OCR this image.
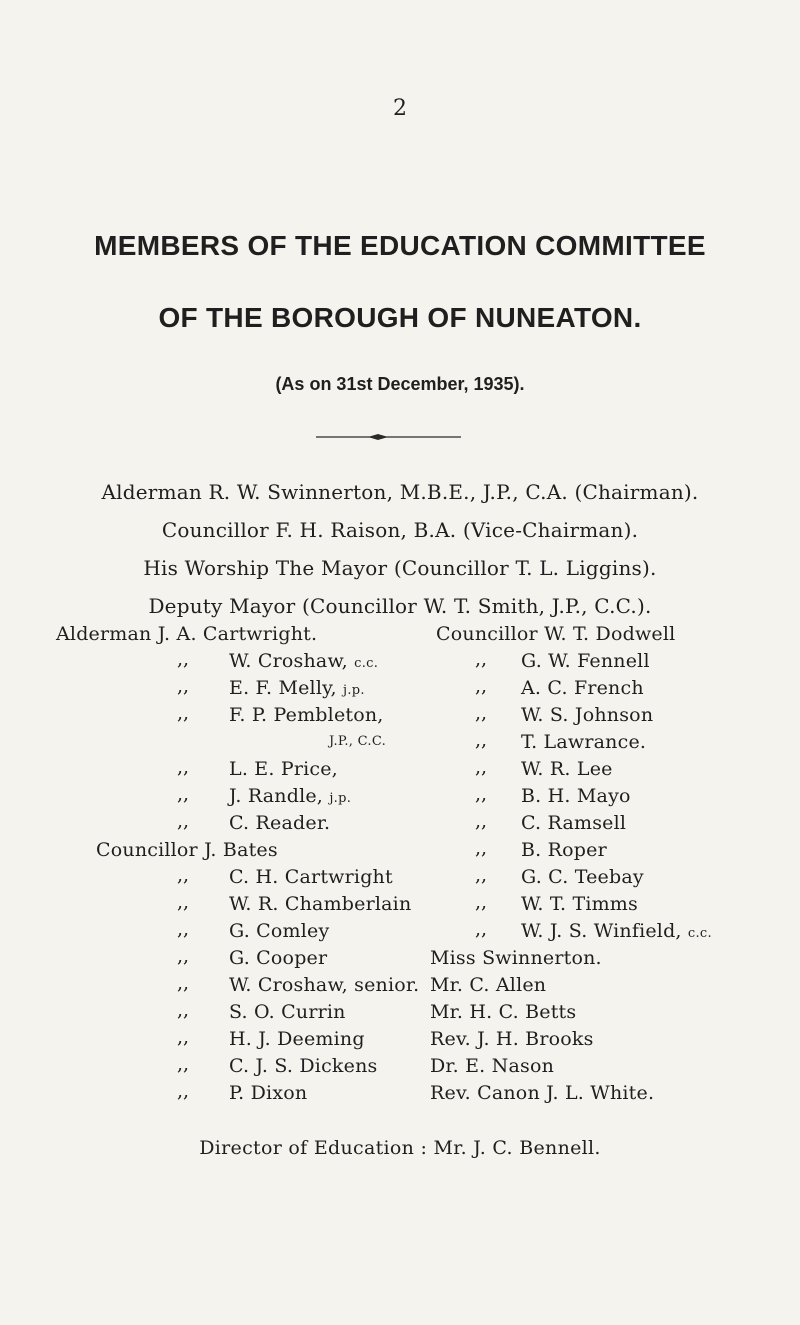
2
MEMBERS OF THE EDUCATION COMMITTEE
OF THE BOROUGH OF NUNEATON.
(As on 31st December, 1935).
Alderman R. W. Swinnerton, M.B.E., J.P., C.A. (Chairman).
Councillor F. H. Raison, B.A. (Vice-Chairman).
His Worship The Mayor (Councillor T. L. Liggins).
Deputy Mayor (Councillor W. T. Smith, J.P., C.C.).
Alderman J. A. Cartwright.
,, W. Croshaw, c.c.
,, E. F. Melly, j.p.
,, F. P. Pembleton,
J.P., C.C.
,, L. E. Price,
,, J. Randle, j.p.
,, C. Reader.
Councillor J. Bates
,, C. H. Cartwright
,, W. R. Chamberlain
,, G. Comley
,, G. Cooper
,, W. Croshaw, senior.
,, S. O. Currin
,, H. J. Deeming
,, C. J. S. Dickens
,, P. Dixon
Councillor W. T. Dodwell
,, G. W. Fennell
,, A. C. French
,, W. S. Johnson
,, T. Lawrance.
,, W. R. Lee
,, B. H. Mayo
,, C. Ramsell
,, B. Roper
,, G. C. Teebay
,, W. T. Timms
,, W. J. S. Winfield, c.c.
Miss Swinnerton.
Mr. C. Allen
Mr. H. C. Betts
Rev. J. H. Brooks
Dr. E. Nason
Rev. Canon J. L. White.
Director of Education : Mr. J. C. Bennell.
